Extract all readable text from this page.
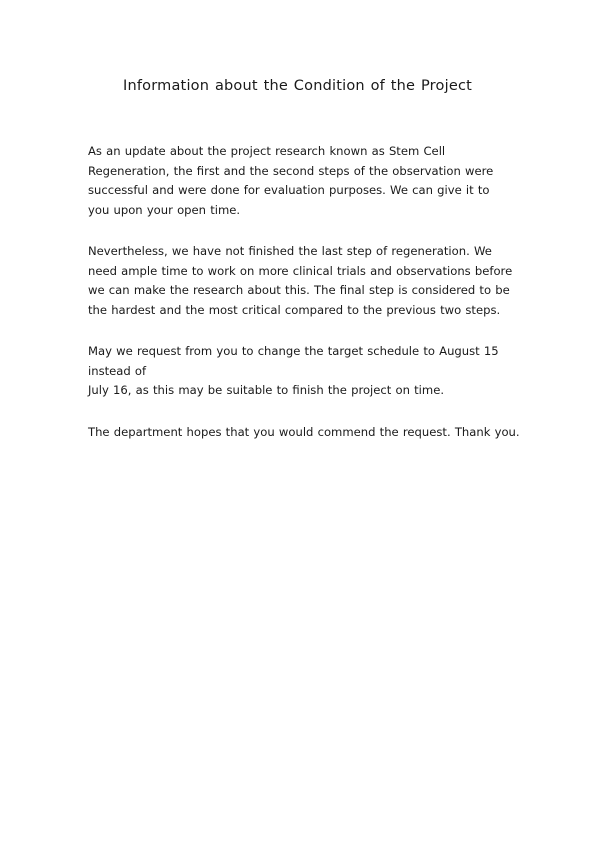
Information about the Condition of the Project

As an update about the project research known as Stem Cell
Regeneration, the first and the second steps of the observation were
successful and were done for evaluation purposes. We can give it to
you upon your open time.

Nevertheless, we have not finished the last step of regeneration. We
need ample time to work on more clinical trials and observations before
we can make the research about this. The final step is considered to be
the hardest and the most critical compared to the previous two steps.

May we request from you to change the target schedule to August 15
instead of
July 16, as this may be suitable to finish the project on time.

The department hopes that you would commend the request. Thank you.
